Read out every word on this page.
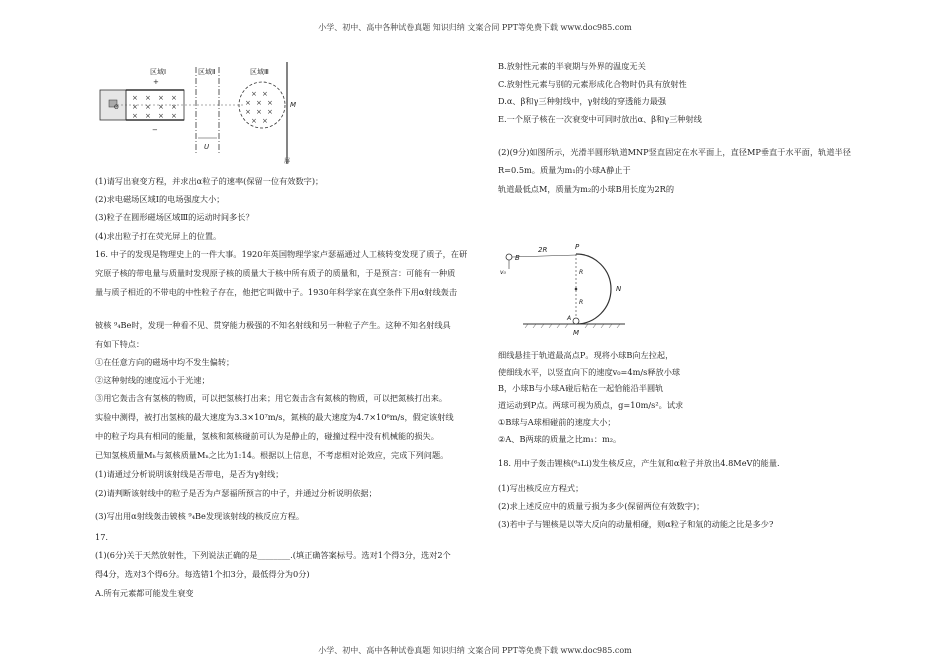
小学、初中、高中各种试卷真题 知识归纳 文案合同 PPT等免费下载 www.doc985.com
区域Ⅰ	区域Ⅱ	区域Ⅲ
+
O
× × × ×
× × × ×
× × × ×
−
U
× ×
× × ×
× × ×
× ×
M
屏
P
B
2R
v₀	R
R
N
A
M
(1)请写出衰变方程，并求出α粒子的速率(保留一位有效数字)；
(2)求电磁场区域Ⅰ的电场强度大小；
(3)粒子在圆形磁场区域Ⅲ的运动时间多长？
(4)求出粒子打在荧光屏上的位置。
16. 中子的发现是物理史上的一件大事。1920年英国物理学家卢瑟福通过人工核转变发现了质子，在研
究原子核的带电量与质量时发现原子核的质量大于核中所有质子的质量和，于是预言：可能有一种质
量与质子相近的不带电的中性粒子存在，他把它叫做中子。1930年科学家在真空条件下用α射线轰击
铍核 ⁹₄Be时，发现一种看不见、贯穿能力极强的不知名射线和另一种粒子产生。这种不知名射线具
有如下特点：
①在任意方向的磁场中均不发生偏转；
②这种射线的速度远小于光速；
③用它轰击含有氢核的物质，可以把氢核打出来；用它轰击含有氮核的物质，可以把氮核打出来。
实验中测得，被打出氢核的最大速度为3.3×10⁷m/s，氮核的最大速度为4.7×10⁶m/s，假定该射线
中的粒子均具有相同的能量，氢核和氮核碰前可认为是静止的，碰撞过程中没有机械能的损失。
已知氢核质量Mₕ与氮核质量Mₙ之比为1:14。根据以上信息，不考虑相对论效应，完成下列问题。
(1)请通过分析说明该射线是否带电，是否为γ射线；
(2)请判断该射线中的粒子是否为卢瑟福所预言的中子，并通过分析说明依据；
(3)写出用α射线轰击铍核 ⁹₄Be发现该射线的核反应方程。
17.
(1)(6分)关于天然放射性，下列说法正确的是________.(填正确答案标号。选对1个得3分，选对2个
得4分，选对3个得6分。每选错1个扣3分，最低得分为0分)
A.所有元素都可能发生衰变
B.放射性元素的半衰期与外界的温度无关
C.放射性元素与别的元素形成化合物时仍具有放射性
D.α、β和γ三种射线中，γ射线的穿透能力最强
E.一个原子核在一次衰变中可同时放出α、β和γ三种射线
(2)(9分)如图所示，光滑半圆形轨道MNP竖直固定在水平面上，直径MP垂直于水平面，轨道半径
R=0.5m。质量为m₁的小球A静止于
轨道最低点M，质量为m₂的小球B用长度为2R的
细线悬挂于轨道最高点P。现将小球B向左拉起，
使细线水平，以竖直向下的速度v₀=4m/s释放小球
B，小球B与小球A碰后粘在一起恰能沿半圆轨
道运动到P点。两球可视为质点，g=10m/s²。试求
①B球与A球相碰前的速度大小；
②A、B两球的质量之比m₁：m₂。
18. 用中子轰击锂核(⁶₃Li)发生核反应，产生氚和α粒子并放出4.8MeV的能量.
(1)写出核反应方程式；
(2)求上述反应中的质量亏损为多少(保留两位有效数字)；
(3)若中子与锂核是以等大反向的动量相碰，则α粒子和氚的动能之比是多少?
小学、初中、高中各种试卷真题 知识归纳 文案合同 PPT等免费下载 www.doc985.com
